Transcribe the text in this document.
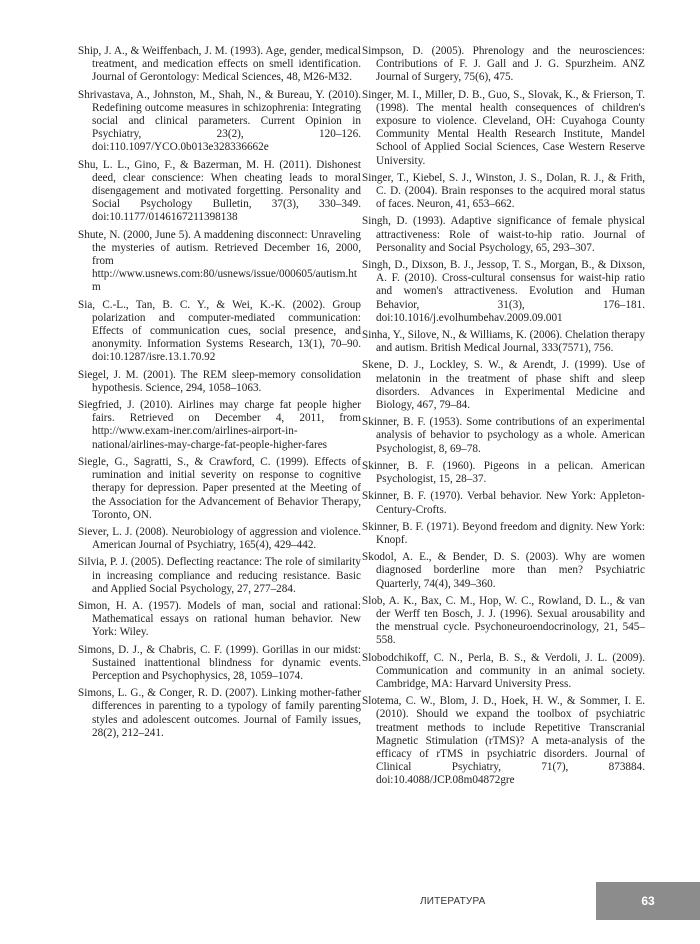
Ship, J. A., & Weiffenbach, J. M. (1993). Age, gender, medical treatment, and medication effects on smell identification. Journal of Gerontology: Medical Sciences, 48, M26-M32.

Shrivastava, A., Johnston, M., Shah, N., & Bureau, Y. (2010). Redefining outcome measures in schizophrenia: Integrating social and clinical parameters. Current Opinion in Psychiatry, 23(2), 120–126. doi:110.1097/YCO.0b013e328336662e

Shu, L. L., Gino, F., & Bazerman, M. H. (2011). Dishonest deed, clear conscience: When cheating leads to moral disengagement and motivated forgetting. Personality and Social Psychology Bulletin, 37(3), 330–349. doi:10.1177/0146167211398138

Shute, N. (2000, June 5). A maddening disconnect: Unraveling the mysteries of autism. Retrieved December 16, 2000, from http://www.usnews.com:80/usnews/issue/000605/autism.htm

Sia, C.-L., Tan, B. C. Y., & Wei, K.-K. (2002). Group polarization and computer-mediated communication: Effects of communication cues, social presence, and anonymity. Information Systems Research, 13(1), 70–90. doi:10.1287/isre.13.1.70.92

Siegel, J. M. (2001). The REM sleep-memory consolidation hypothesis. Science, 294, 1058–1063.

Siegfried, J. (2010). Airlines may charge fat people higher fairs. Retrieved on December 4, 2011, from http://www.exam-iner.com/airlines-airport-in-national/airlines-may-charge-fat-people-higher-fares

Siegle, G., Sagratti, S., & Crawford, C. (1999). Effects of rumination and initial severity on response to cognitive therapy for depression. Paper presented at the Meeting of the Association for the Advancement of Behavior Therapy, Toronto, ON.

Siever, L. J. (2008). Neurobiology of aggression and violence. American Journal of Psychiatry, 165(4), 429–442.

Silvia, P. J. (2005). Deflecting reactance: The role of similarity in increasing compliance and reducing resistance. Basic and Applied Social Psychology, 27, 277–284.

Simon, H. A. (1957). Models of man, social and rational: Mathematical essays on rational human behavior. New York: Wiley.

Simons, D. J., & Chabris, C. F. (1999). Gorillas in our midst: Sustained inattentional blindness for dynamic events. Perception and Psychophysics, 28, 1059–1074.

Simons, L. G., & Conger, R. D. (2007). Linking mother-father differences in parenting to a typology of family parenting styles and adolescent outcomes. Journal of Family issues, 28(2), 212–241.

Simpson, D. (2005). Phrenology and the neurosciences: Contributions of F. J. Gall and J. G. Spurzheim. ANZ Journal of Surgery, 75(6), 475.

Singer, M. I., Miller, D. B., Guo, S., Slovak, K., & Frierson, T. (1998). The mental health consequences of children's exposure to violence. Cleveland, OH: Cuyahoga County Community Mental Health Research Institute, Mandel School of Applied Social Sciences, Case Western Reserve University.

Singer, T., Kiebel, S. J., Winston, J. S., Dolan, R. J., & Frith, C. D. (2004). Brain responses to the acquired moral status of faces. Neuron, 41, 653–662.

Singh, D. (1993). Adaptive significance of female physical attractiveness: Role of waist-to-hip ratio. Journal of Personality and Social Psychology, 65, 293–307.

Singh, D., Dixson, B. J., Jessop, T. S., Morgan, B., & Dixson, A. F. (2010). Cross-cultural consensus for waist-hip ratio and women's attractiveness. Evolution and Human Behavior, 31(3), 176–181. doi:10.1016/j.evolhumbehav.2009.09.001

Sinha, Y., Silove, N., & Williams, K. (2006). Chelation therapy and autism. British Medical Journal, 333(7571), 756.

Skene, D. J., Lockley, S. W., & Arendt, J. (1999). Use of melatonin in the treatment of phase shift and sleep disorders. Advances in Experimental Medicine and Biology, 467, 79–84.

Skinner, B. F. (1953). Some contributions of an experimental analysis of behavior to psychology as a whole. American Psychologist, 8, 69–78.

Skinner, B. F. (1960). Pigeons in a pelican. American Psychologist, 15, 28–37.

Skinner, B. F. (1970). Verbal behavior. New York: Appleton-Century-Crofts.

Skinner, B. F. (1971). Beyond freedom and dignity. New York: Knopf.

Skodol, A. E., & Bender, D. S. (2003). Why are women diagnosed borderline more than men? Psychiatric Quarterly, 74(4), 349–360.

Slob, A. K., Bax, C. M., Hop, W. C., Rowland, D. L., & van der Werff ten Bosch, J. J. (1996). Sexual arousability and the menstrual cycle. Psychoneuroendocrinology, 21, 545–558.

Slobodchikoff, C. N., Perla, B. S., & Verdoli, J. L. (2009). Communication and community in an animal society. Cambridge, MA: Harvard University Press.

Slotema, C. W., Blom, J. D., Hoek, H. W., & Sommer, I. E. (2010). Should we expand the toolbox of psychiatric treatment methods to include Repetitive Transcranial Magnetic Stimulation (rTMS)? A meta-analysis of the efficacy of rTMS in psychiatric disorders. Journal of Clinical Psychiatry, 71(7), 873884. doi:10.4088/JCP.08m04872gre

ЛИТЕРАТУРА	63
